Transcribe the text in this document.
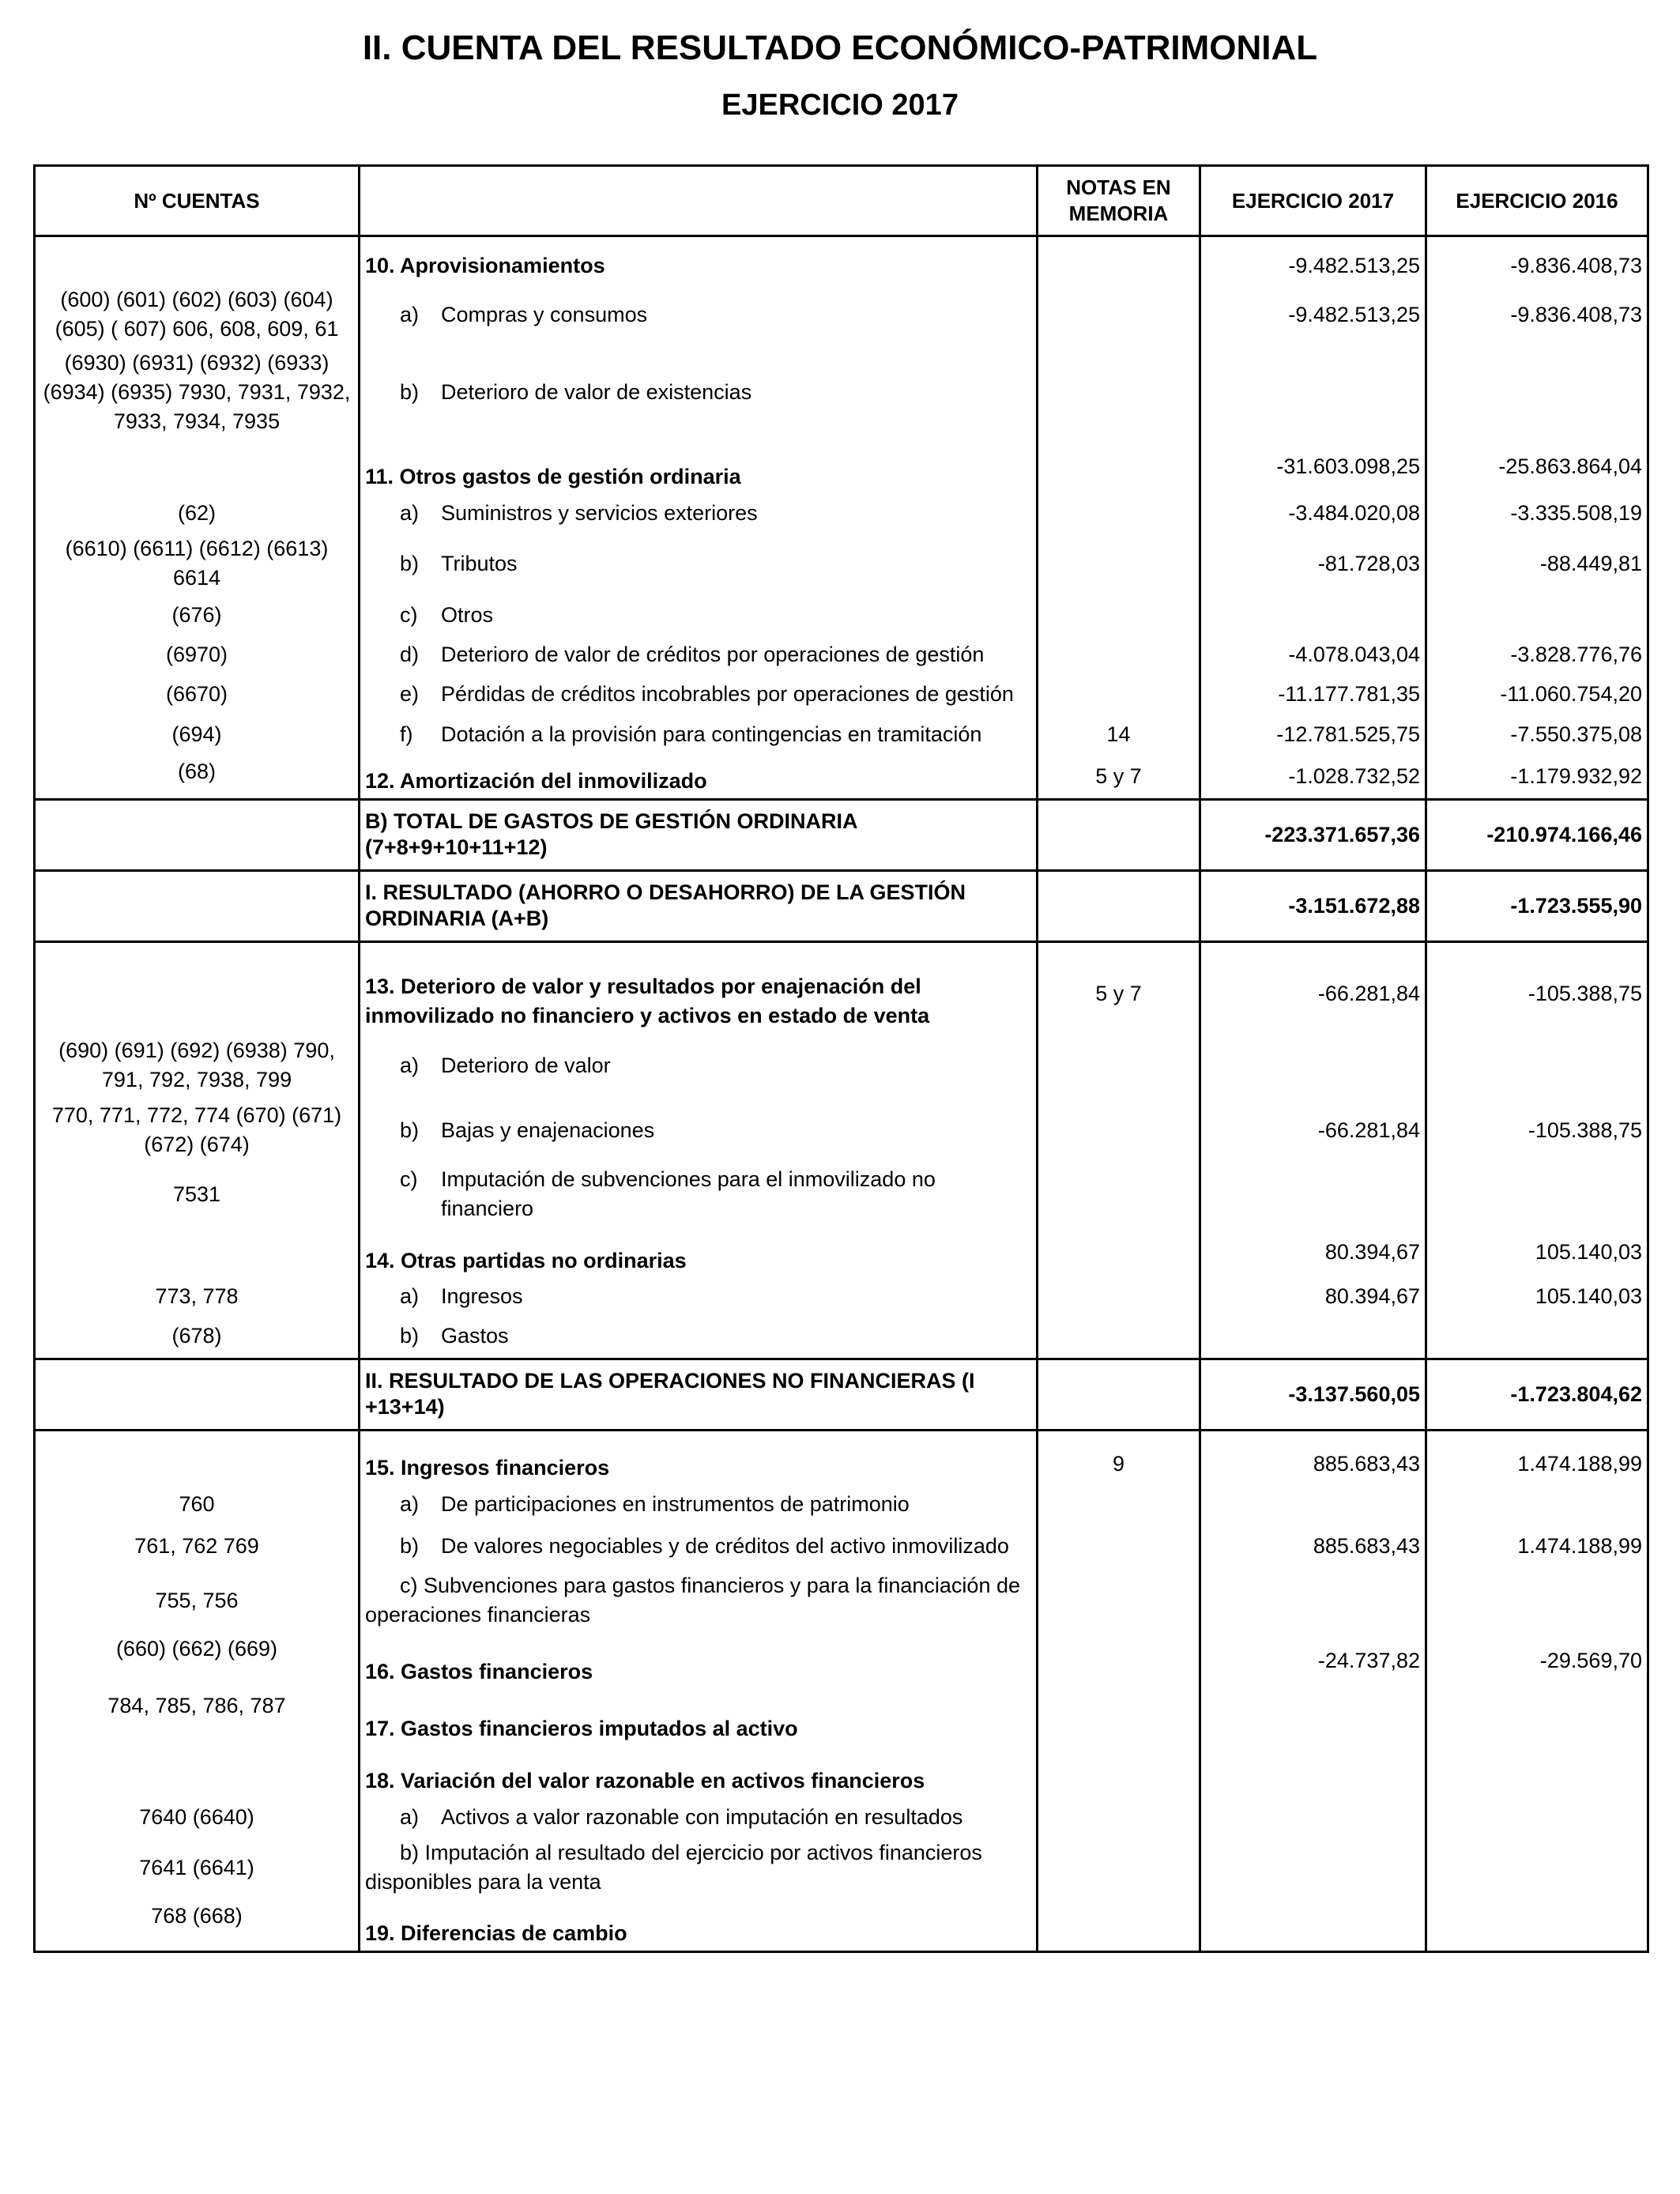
II. CUENTA DEL RESULTADO ECONÓMICO-PATRIMONIAL
EJERCICIO 2017
Nº CUENTAS		NOTAS EN MEMORIA	EJERCICIO 2017	EJERCICIO 2016
	10. Aprovisionamientos		-9.482.513,25	-9.836.408,73
(600) (601) (602) (603) (604) (605) ( 607) 606, 608, 609, 61	a) Compras y consumos		-9.482.513,25	-9.836.408,73
(6930) (6931) (6932) (6933) (6934) (6935) 7930, 7931, 7932, 7933, 7934, 7935	b) Deterioro de valor de existencias			

	11. Otros gastos de gestión ordinaria		-31.603.098,25	-25.863.864,04
(62)	a) Suministros y servicios exteriores		-3.484.020,08	-3.335.508,19
(6610) (6611) (6612) (6613) 6614	b) Tributos		-81.728,03	-88.449,81
(676)	c) Otros			

(6970)	d) Deterioro de valor de créditos por operaciones de gestión		-4.078.043,04	-3.828.776,76
(6670)	e) Pérdidas de créditos incobrables por operaciones de gestión		-11.177.781,35	-11.060.754,20
(694)	f) Dotación a la provisión para contingencias en tramitación	14	-12.781.525,75	-7.550.375,08
(68)	12. Amortización del inmovilizado	5 y 7	-1.028.732,52	-1.179.932,92
	B) TOTAL DE GASTOS DE GESTIÓN ORDINARIA (7+8+9+10+11+12)		-223.371.657,36	-210.974.166,46
	I. RESULTADO (AHORRO O DESAHORRO) DE LA GESTIÓN ORDINARIA (A+B)		-3.151.672,88	-1.723.555,90
	13. Deterioro de valor y resultados por enajenación del inmovilizado no financiero y activos en estado de venta	5 y 7	-66.281,84	-105.388,75
(690) (691) (692) (6938) 790, 791, 792, 7938, 799	a) Deterioro de valor			

770, 771, 772, 774 (670) (671) (672) (674)	b) Bajas y enajenaciones		-66.281,84	-105.388,75
7531	c) Imputación de subvenciones para el inmovilizado no financiero			

	14. Otras partidas no ordinarias		80.394,67	105.140,03
773, 778	a) Ingresos		80.394,67	105.140,03
(678)	b) Gastos			

	II. RESULTADO DE LAS OPERACIONES NO FINANCIERAS (I +13+14)		-3.137.560,05	-1.723.804,62
	15. Ingresos financieros	9	885.683,43	1.474.188,99
760	a) De participaciones en instrumentos de patrimonio			

761, 762 769	b) De valores negociables y de créditos del activo inmovilizado		885.683,43	1.474.188,99
755, 756	c) Subvenciones para gastos financieros y para la financiación de operaciones financieras			

(660) (662) (669)	16. Gastos financieros		-24.737,82	-29.569,70
784, 785, 786, 787	17. Gastos financieros imputados al activo			
	18. Variación del valor razonable en activos financieros			
7640 (6640)	a) Activos a valor razonable con imputación en resultados			

7641 (6641)	b) Imputación al resultado del ejercicio por activos financieros disponibles para la venta			

768 (668)	19. Diferencias de cambio			
